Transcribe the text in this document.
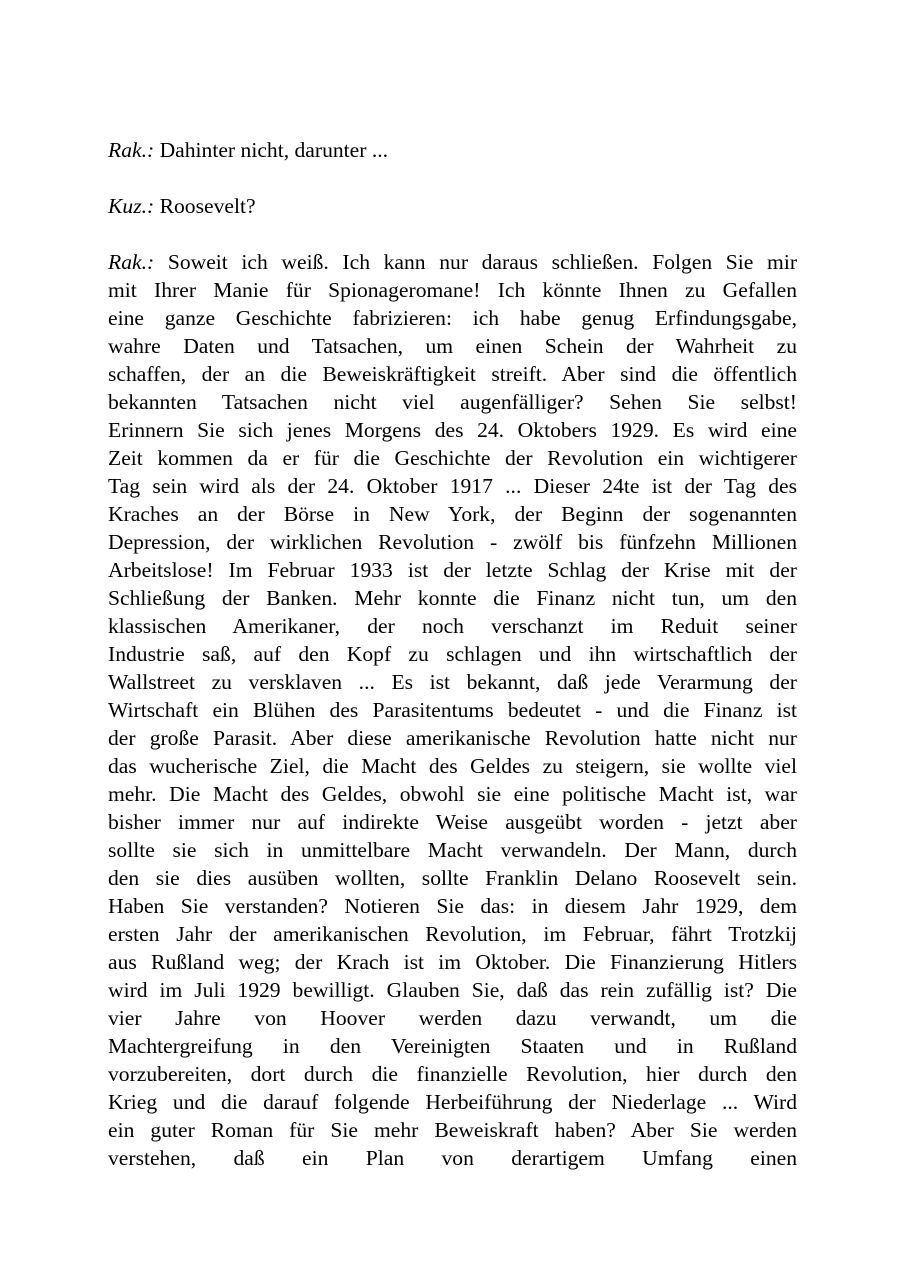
Rak.: Dahinter nicht, darunter ...

Kuz.: Roosevelt?

Rak.: Soweit ich weiß. Ich kann nur daraus schließen. Folgen Sie mir
mit Ihrer Manie für Spionageromane! Ich könnte Ihnen zu Gefallen
eine ganze Geschichte fabrizieren: ich habe genug Erfindungsgabe,
wahre Daten und Tatsachen, um einen Schein der Wahrheit zu
schaffen, der an die Beweiskräftigkeit streift. Aber sind die öffentlich
bekannten Tatsachen nicht viel augenfälliger? Sehen Sie selbst!
Erinnern Sie sich jenes Morgens des 24. Oktobers 1929. Es wird eine
Zeit kommen da er für die Geschichte der Revolution ein wichtigerer
Tag sein wird als der 24. Oktober 1917 ... Dieser 24te ist der Tag des
Kraches an der Börse in New York, der Beginn der sogenannten
Depression, der wirklichen Revolution - zwölf bis fünfzehn Millionen
Arbeitslose! Im Februar 1933 ist der letzte Schlag der Krise mit der
Schließung der Banken. Mehr konnte die Finanz nicht tun, um den
klassischen Amerikaner, der noch verschanzt im Reduit seiner
Industrie saß, auf den Kopf zu schlagen und ihn wirtschaftlich der
Wallstreet zu versklaven ... Es ist bekannt, daß jede Verarmung der
Wirtschaft ein Blühen des Parasitentums bedeutet - und die Finanz ist
der große Parasit. Aber diese amerikanische Revolution hatte nicht nur
das wucherische Ziel, die Macht des Geldes zu steigern, sie wollte viel
mehr. Die Macht des Geldes, obwohl sie eine politische Macht ist, war
bisher immer nur auf indirekte Weise ausgeübt worden - jetzt aber
sollte sie sich in unmittelbare Macht verwandeln. Der Mann, durch
den sie dies ausüben wollten, sollte Franklin Delano Roosevelt sein.
Haben Sie verstanden? Notieren Sie das: in diesem Jahr 1929, dem
ersten Jahr der amerikanischen Revolution, im Februar, fährt Trotzkij
aus Rußland weg; der Krach ist im Oktober. Die Finanzierung Hitlers
wird im Juli 1929 bewilligt. Glauben Sie, daß das rein zufällig ist? Die
vier Jahre von Hoover werden dazu verwandt, um die
Machtergreifung in den Vereinigten Staaten und in Rußland
vorzubereiten, dort durch die finanzielle Revolution, hier durch den
Krieg und die darauf folgende Herbeiführung der Niederlage ... Wird
ein guter Roman für Sie mehr Beweiskraft haben? Aber Sie werden
verstehen, daß ein Plan von derartigem Umfang einen
